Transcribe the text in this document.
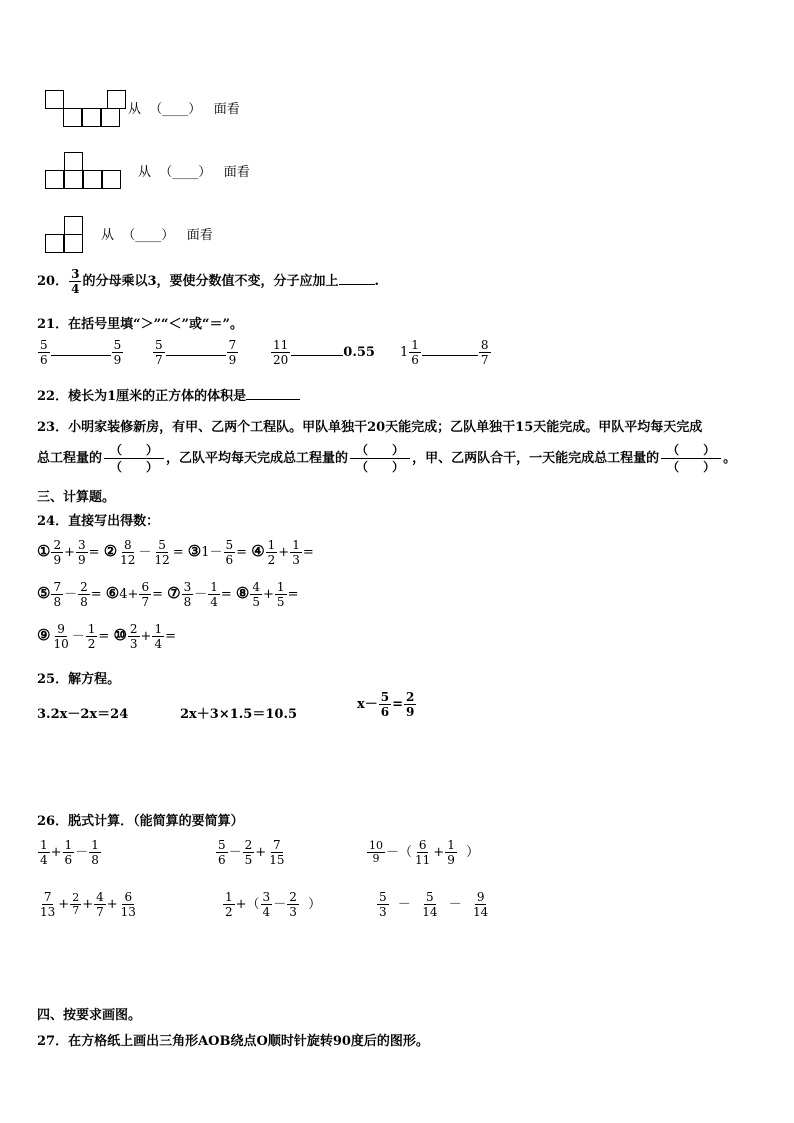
从 （____） 面看
从 （____） 面看
从 （____） 面看
20． $\frac{3}{4}$ 的分母乘以3，要使分数值不变，分子应加上	.
21．在括号里填“＞”“＜”或“＝”。
$\frac{5}{6}$	$\frac{5}{9} \frac{5}{7}$	$\frac{7}{9}$	$\frac{11}{20}$	0.55 $1 \frac{1}{6}$	$\frac{8}{7}$
22．棱长为1厘米的正方体的体积是
23．小明家装修新房，有甲、乙两个工程队。甲队单独干20天能完成；乙队单独干15天能完成。甲队平均每天完成
总工程量的
（　　）
（　　）
，乙队平均每天完成总工程量的
（　　）
（　　）
，甲、乙两队合干，一天能完成总工程量的
（　　）
（　　）
。
三、计算题。
24．直接写出得数：
① $\frac{2}{9} + \frac{3}{9}$ = ② $\frac{8}{12} - \frac{5}{12}$ = ③1－ $\frac{5}{6}$ = ④ $\frac{1}{2} + \frac{1}{3}$ =
⑤ $\frac{7}{8} - \frac{2}{8}$ = ⑥4+ $\frac{6}{7}$ = ⑦ $\frac{3}{8} - \frac{1}{4}$ = ⑧ $\frac{4}{5} + \frac{1}{5}$ =
⑨ $\frac{9}{10} - \frac{1}{2}$ = ⑩ $\frac{2}{3} + \frac{1}{4}$ =
25．解方程。
3.2x－2x＝24	2x＋3×1.5＝10.5
$x- \frac{5}{6} = \frac{2}{9}$
26．脱式计算．（能简算的要简算）
$\frac{1}{4} + \frac{1}{6} - \frac{1}{8}$	$\frac{5}{6} - \frac{2}{5} + \frac{7}{15}$	$\frac{10}{9}$ －（ $\frac{6}{11} + \frac{1}{9}$ ）
$\frac{7}{13} + \frac{2}{7} + \frac{4}{7} + \frac{6}{13}$	$\frac{1}{2}$ +（ $\frac{3}{4} - \frac{2}{3}$ ）	$\frac{5}{3} - \frac{5}{14} - \frac{9}{14}$
四、按要求画图。
27．在方格纸上画出三角形AOB绕点O顺时针旋转90度后的图形。
